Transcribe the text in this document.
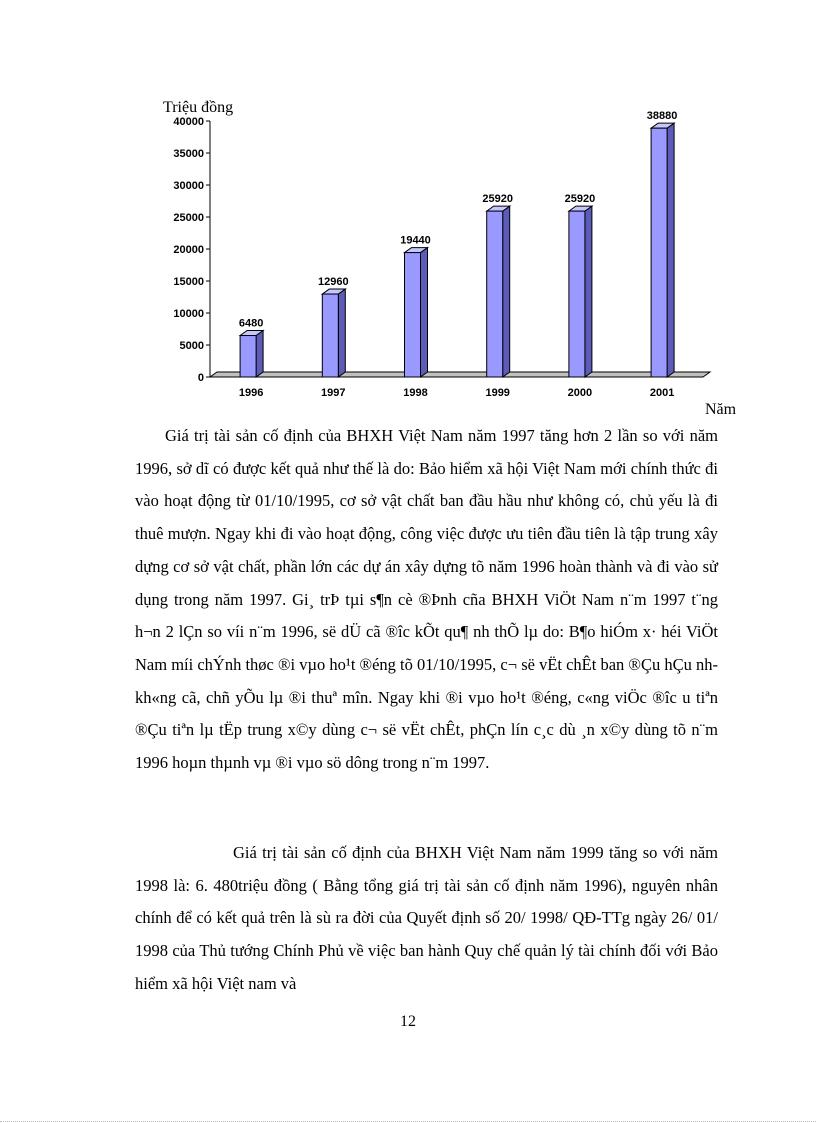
Triệu đồng
Năm
0
5000
10000
15000
20000
25000
30000
35000
40000
6480
1996
12960
1997
19440
1998
25920
1999
25920
2000
38880
2001

Giá trị tài sản cố định của BHXH Việt Nam năm 1997 tăng hơn 2 lần so với năm 1996, sở dĩ có được kết quả như thế là do: Bảo hiểm xã hội Việt Nam mới chính thức đi vào hoạt động từ 01/10/1995, cơ sở vật chất ban đầu hầu như không có, chủ yếu là đi thuê mượn. Ngay khi đi vào hoạt động, công việc được ưu tiên đầu tiên là tập trung xây dựng cơ sở vật chất, phần lớn các dự án xây dựng tõ năm 1996 hoàn thành và đi vào sử dụng trong năm 1997. Gi¸ trÞ tµi s¶n cè ®Þnh cña BHXH ViÖt Nam n¨m 1997 t¨ng h¬n 2 lÇn so víi n¨m 1996, së dÜ cã ®îc kÕt qu¶ nh thÕ lµ do: B¶o hiÓm x· héi ViÖt Nam míi chÝnh thøc ®i vµo ho¹t ®éng tõ 01/10/1995, c¬ së vËt chÊt ban ®Çu hÇu nh kh«ng cã, chñ yÕu lµ ®i thuª mîn. Ngay khi ®i vµo ho¹t ®éng, c«ng viÖc ®îc u tiªn ®Çu tiªn lµ tËp trung x©y dùng c¬ së vËt chÊt, phÇn lín c¸c dù ¸n x©y dùng tõ n¨m 1996 hoµn thµnh vµ ®i vµo sö dông trong n¨m 1997.

Giá trị tài sản cố định của BHXH Việt Nam năm 1999 tăng so với năm 1998 là: 6. 480triệu đồng ( Bằng tổng giá trị tài sản cố định năm 1996), nguyên nhân chính để có kết quả trên là sù ra đời của Quyết định số 20/ 1998/ QĐ-TTg ngày 26/ 01/ 1998 của Thủ tướng Chính Phủ về việc ban hành Quy chế quản lý tài chính đối với Bảo hiểm xã hội Việt nam và

12
